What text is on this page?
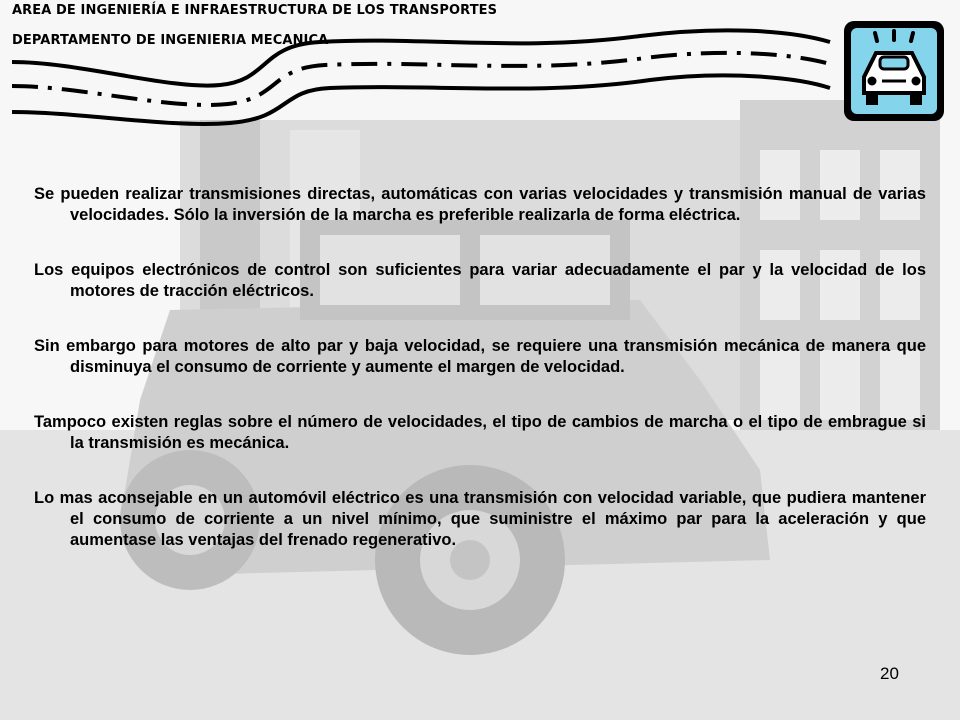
AREA DE INGENIERÍA E INFRAESTRUCTURA DE LOS TRANSPORTES
DEPARTAMENTO DE INGENIERIA MECANICA

Se pueden realizar transmisiones directas, automáticas con varias velocidades y transmisión manual de varias velocidades. Sólo la inversión de la marcha es preferible realizarla de forma eléctrica.

Los equipos electrónicos de control son suficientes para variar adecuadamente el par y la velocidad de los motores de tracción eléctricos.

Sin embargo para motores de alto par y baja velocidad, se requiere una transmisión mecánica de manera que disminuya el consumo de corriente y aumente el margen de velocidad.

Tampoco existen reglas sobre el número de velocidades, el tipo de cambios de marcha o el tipo de embrague si la transmisión es mecánica.

Lo mas aconsejable en un automóvil eléctrico es una transmisión con velocidad variable, que pudiera mantener el consumo de corriente a un nivel mínimo, que suministre el máximo par para la aceleración y que aumentase las ventajas del frenado regenerativo.

20
